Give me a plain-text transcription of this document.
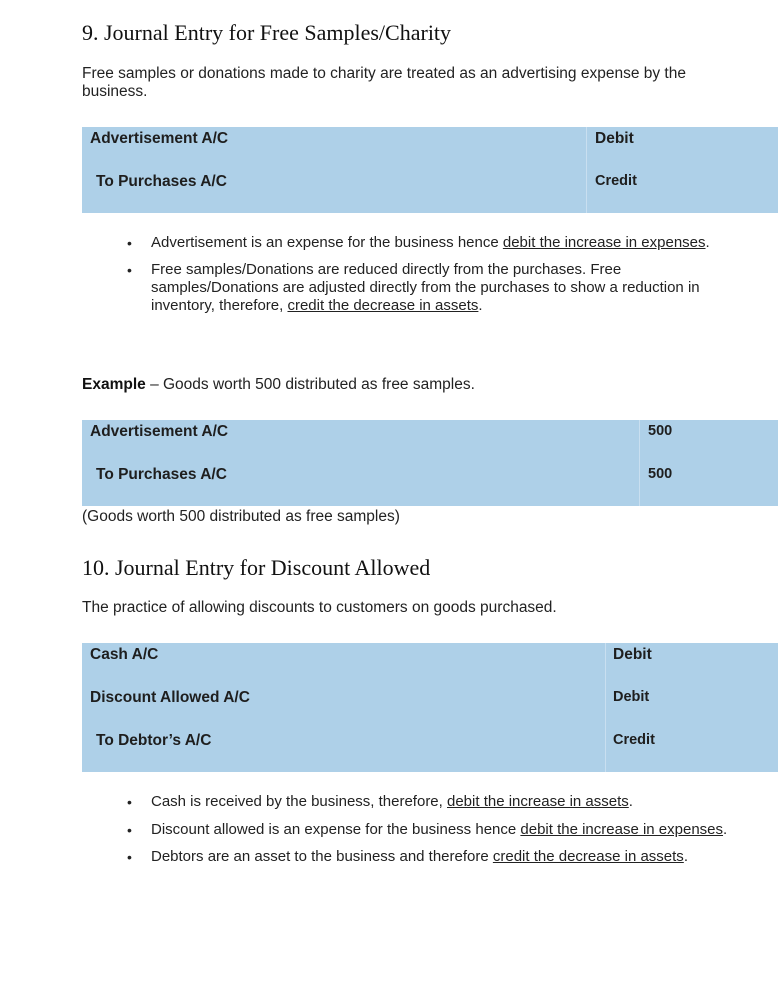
9. Journal Entry for Free Samples/Charity

Free samples or donations made to charity are treated as an advertising expense by the business.

Advertisement A/C	Debit
To Purchases A/C	Credit
• Advertisement is an expense for the business hence debit the increase in expenses.
• Free samples/Donations are reduced directly from the purchases. Free samples/Donations are adjusted directly from the purchases to show a reduction in inventory, therefore, credit the decrease in assets.

Example – Goods worth 500 distributed as free samples.

Advertisement A/C	500
To Purchases A/C	500

(Goods worth 500 distributed as free samples)

10. Journal Entry for Discount Allowed

The practice of allowing discounts to customers on goods purchased.

Cash A/C	Debit
Discount Allowed A/C	Debit
To Debtor’s A/C	Credit
• Cash is received by the business, therefore, debit the increase in assets.
• Discount allowed is an expense for the business hence debit the increase in expenses.
• Debtors are an asset to the business and therefore credit the decrease in assets.
